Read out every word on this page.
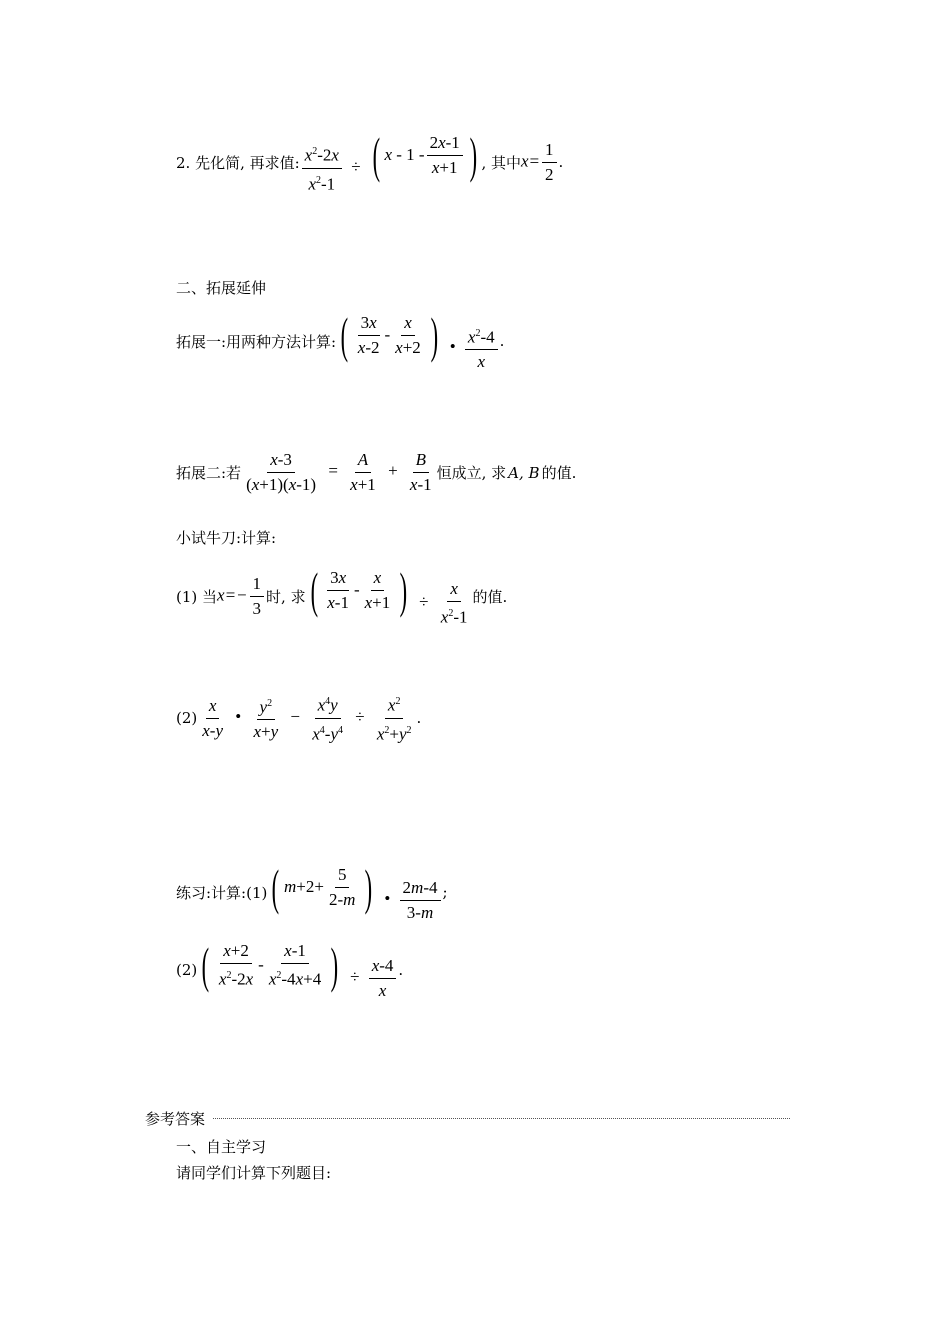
2. 先化简, 再求值: $\frac{x^2-2x}{x^2-1}$ ÷ ( x - $1 - \frac{2x-1}{x+1}$ ) , 其中 $x= \frac{1}{2}$ .
二、拓展延伸
拓展一:用两种方法计算: ( $\frac{3x}{x-2} - \frac{x}{x+2}$ ) • $\frac{x^2-4}{x}$ .
拓展二:若 $\frac{x-3}{(x+1)(x-1)} = \frac{A}{x+1} + \frac{B}{x-1}$ 恒成立, 求 A, B 的值.
小试牛刀:计算:
(1) 当 $x=- \frac{1}{3}$ 时, 求 ( $\frac{3x}{x-1} - \frac{x}{x+1}$ ) ÷ $\frac{x}{x^2-1}$ 的值.
$(2) \frac{x}{x-y}$ • $\frac{y^2}{x+y} - \frac{x^4y}{x^4-y^4} \div \frac{x^2}{x^2+y^2}$ .
练习:计算:(1) ( $m +2+ \frac{5}{2-m}$ ) • $\frac{2m-4}{3-m}$ ;
(2) ( $\frac{x+2}{x^2-2x} - \frac{x-1}{x^2-4x+4}$ ) ÷ $\frac{x-4}{x}$ .
参考答案
一、自主学习
请同学们计算下列题目:
